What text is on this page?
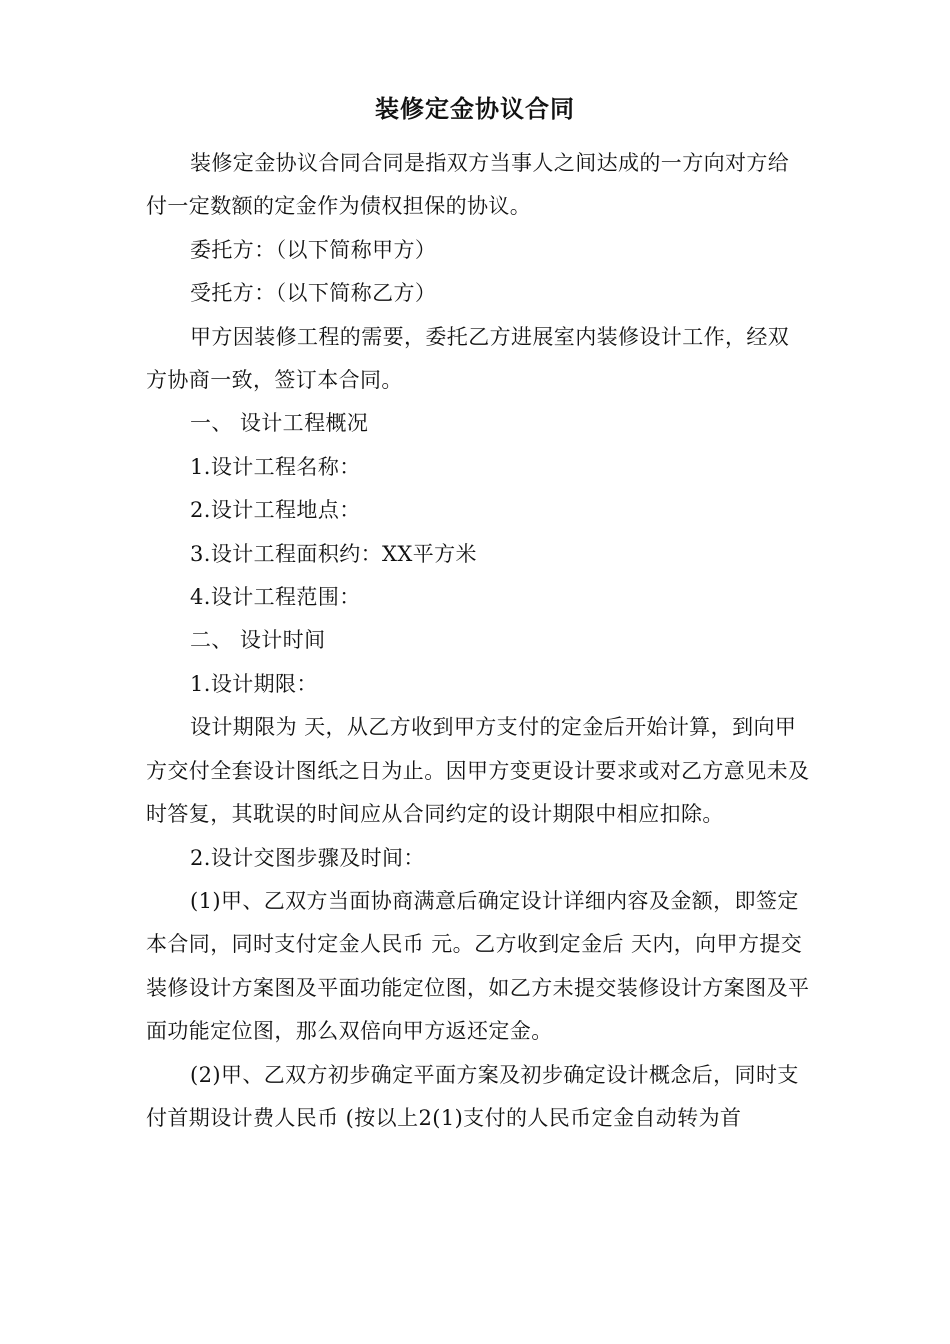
装修定金协议合同

装修定金协议合同合同是指双方当事人之间达成的一方向对方给付一定数额的定金作为债权担保的协议。

委托方：（以下简称甲方）

受托方：（以下简称乙方）

甲方因装修工程的需要，委托乙方进展室内装修设计工作，经双方协商一致，签订本合同。

一、 设计工程概况

1.设计工程名称：

2.设计工程地点：

3.设计工程面积约：XX平方米

4.设计工程范围：

二、 设计时间

1.设计期限：

设计期限为 天，从乙方收到甲方支付的定金后开始计算，到向甲方交付全套设计图纸之日为止。因甲方变更设计要求或对乙方意见未及时答复，其耽误的时间应从合同约定的设计期限中相应扣除。

2.设计交图步骤及时间：

(1)甲、乙双方当面协商满意后确定设计详细内容及金额，即签定本合同，同时支付定金人民币 元。乙方收到定金后 天内，向甲方提交装修设计方案图及平面功能定位图，如乙方未提交装修设计方案图及平面功能定位图，那么双倍向甲方返还定金。

(2)甲、乙双方初步确定平面方案及初步确定设计概念后，同时支付首期设计费人民币 (按以上2(1)支付的人民币定金自动转为首
